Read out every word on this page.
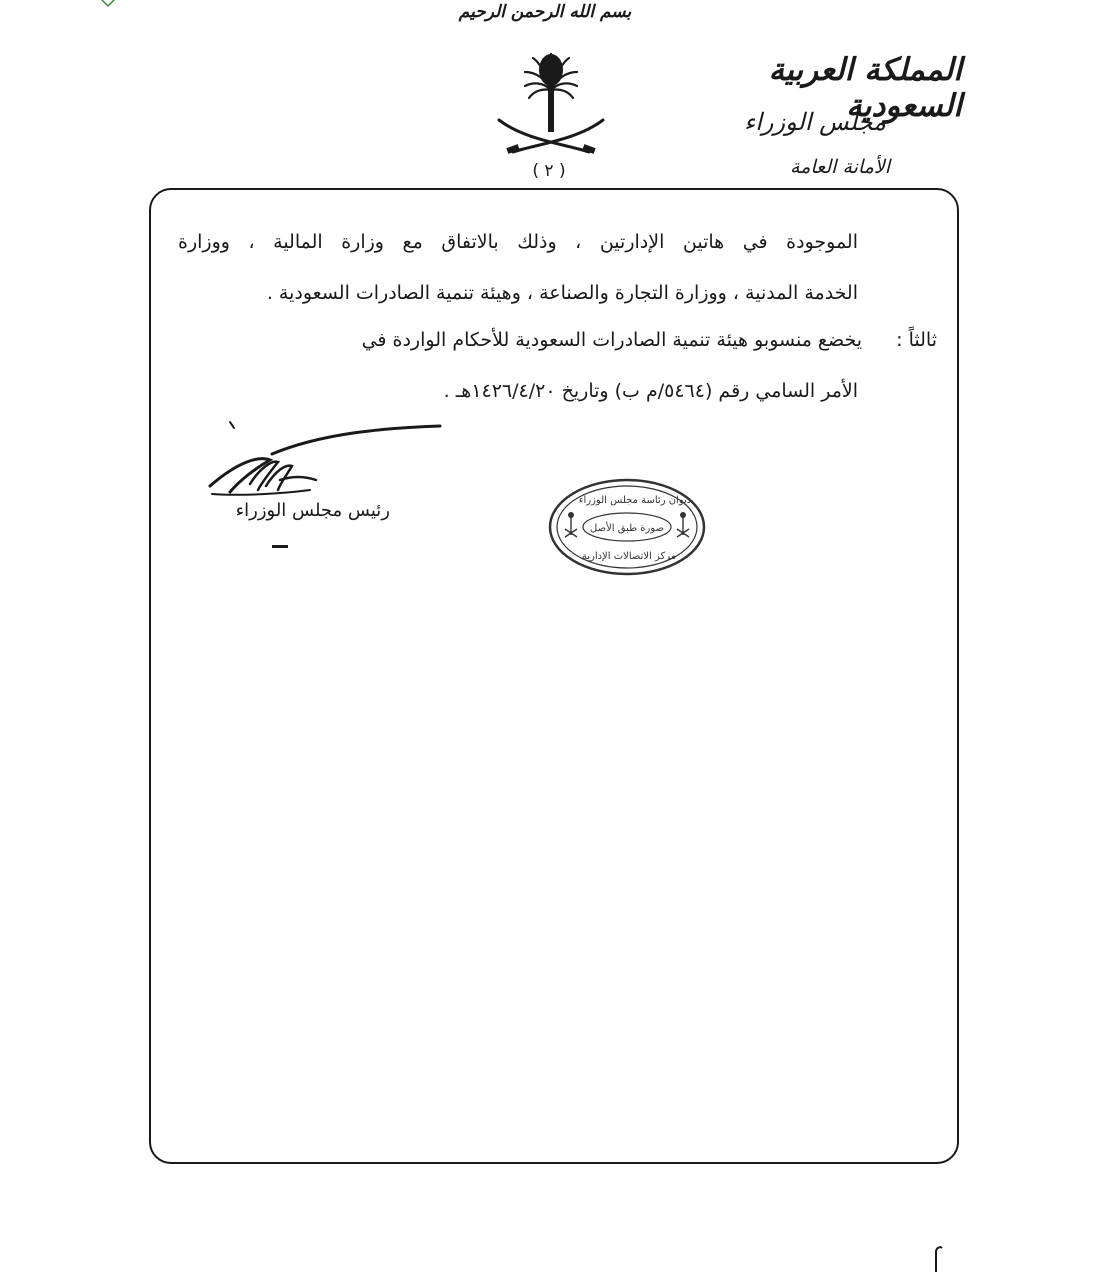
بسم الله الرحمن الرحيم
( ٢ )
المملكة العربية السعودية
مجلس الوزراء
الأمانة العامة
الموجودة في هاتين الإدارتين ، وذلك بالاتفاق مع وزارة المالية ، ووزارة
الخدمة المدنية ، ووزارة التجارة والصناعة ، وهيئة تنمية الصادرات السعودية .
ثالثاً :  يخضع منسوبو هيئة تنمية الصادرات السعودية للأحكام الواردة في
الأمر السامي رقم (٥٤٦٤/م ب) وتاريخ ١٤٢٦/٤/٢٠هـ .
رئيس مجلس الوزراء	ديوان رئاسة مجلس الوزراء
صورة طبق الأصل
مركز الاتصالات الإدارية
